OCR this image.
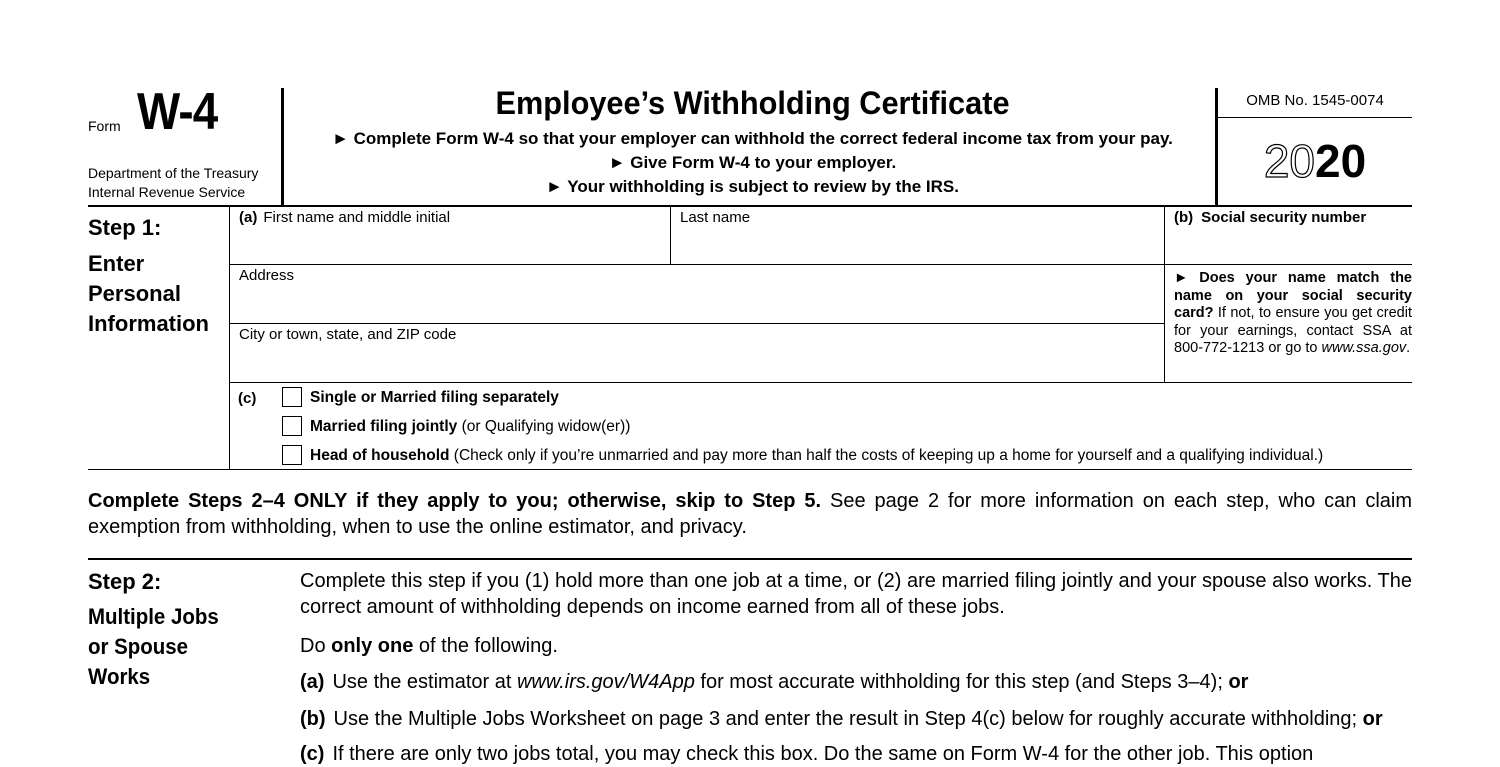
Form W-4
Department of the Treasury
Internal Revenue Service
Employee’s Withholding Certificate
► Complete Form W-4 so that your employer can withhold the correct federal income tax from your pay.
► Give Form W-4 to your employer.
► Your withholding is subject to review by the IRS.
OMB No. 1545-0074
2020
Step 1:
Enter
Personal
Information
(a) First name and middle initial	Last name	(b) Social security number
Address
City or town, state, and ZIP code
► Does your name match the name on your social security card? If not, to ensure you get credit for your earnings, contact SSA at 800-772-1213 or go to www.ssa.gov.
(c)	Single or Married filing separately
Married filing jointly (or Qualifying widow(er))
Head of household (Check only if you’re unmarried and pay more than half the costs of keeping up a home for yourself and a qualifying individual.)
Complete Steps 2–4 ONLY if they apply to you; otherwise, skip to Step 5. See page 2 for more information on each step, who can claim exemption from withholding, when to use the online estimator, and privacy.
Step 2:
Multiple Jobs
or Spouse
Works
Complete this step if you (1) hold more than one job at a time, or (2) are married filing jointly and your spouse also works. The correct amount of withholding depends on income earned from all of these jobs.
Do only one of the following.
(a) Use the estimator at www.irs.gov/W4App for most accurate withholding for this step (and Steps 3–4); or
(b) Use the Multiple Jobs Worksheet on page 3 and enter the result in Step 4(c) below for roughly accurate withholding; or
(c) If there are only two jobs total, you may check this box. Do the same on Form W-4 for the other job. This option
